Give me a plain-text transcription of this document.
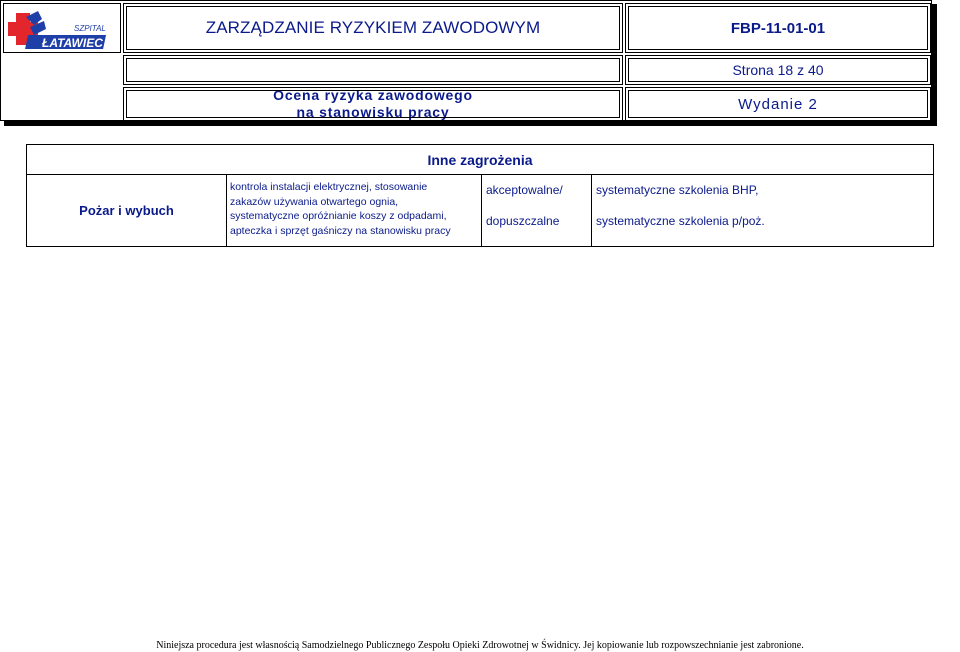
SZPITAL
ŁATAWIEC
ZARZĄDZANIE RYZYKIEM ZAWODOWYM	FBP-11-01-01
Strona 18 z 40
Ocena ryzyka zawodowego
na stanowisku pracy	Wydanie 2
Inne zagrożenia
Pożar i wybuch
kontrola instalacji elektrycznej, stosowanie
zakazów używania otwartego ognia,
systematyczne opróżnianie koszy z odpadami,
apteczka i sprzęt gaśniczy na stanowisku pracy
akceptowalne/
dopuszczalne
systematyczne szkolenia BHP,
systematyczne szkolenia p/poż.
Niniejsza procedura jest własnością Samodzielnego Publicznego Zespołu Opieki Zdrowotnej w Świdnicy. Jej kopiowanie lub rozpowszechnianie jest zabronione.
